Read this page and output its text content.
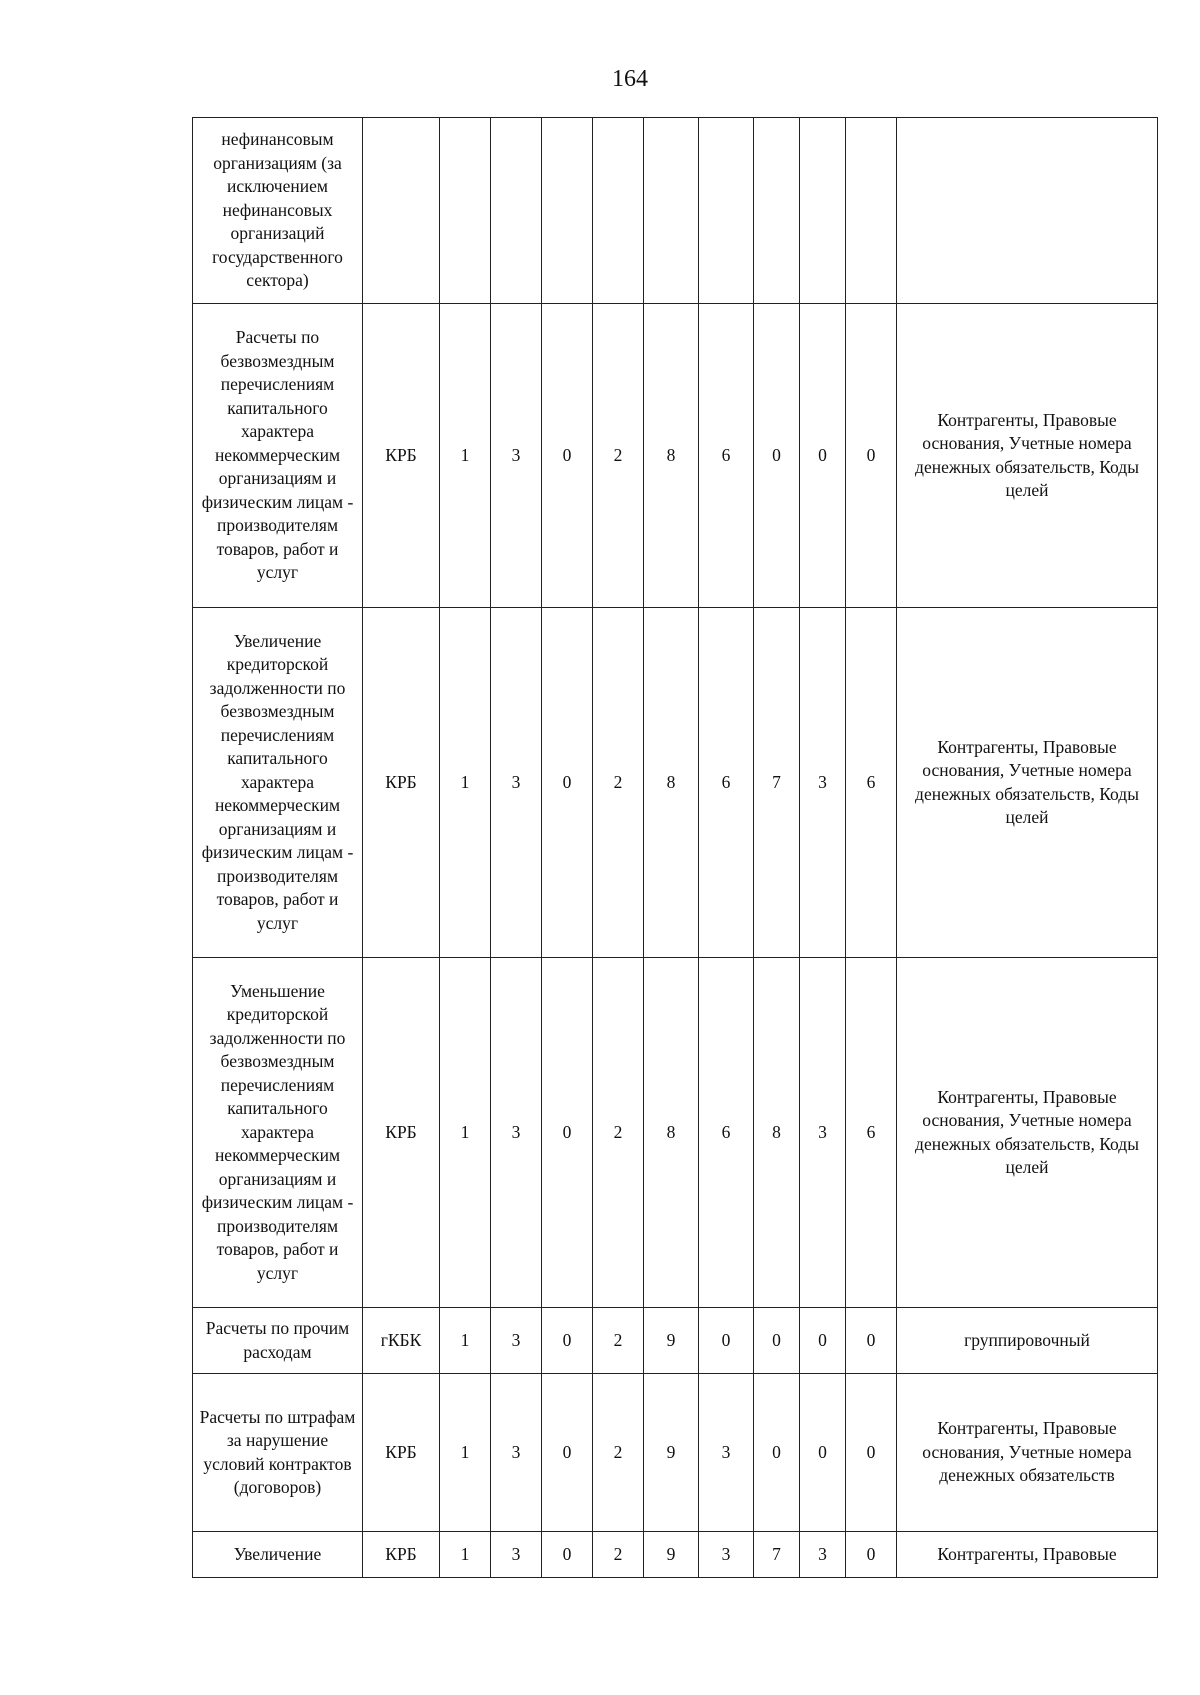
164
нефинансовым организациям (за исключением нефинансовых организаций государственного сектора)											
Расчеты по безвозмездным перечислениям капитального характера некоммерческим организациям и физическим лицам - производителям товаров, работ и услуг	КРБ	1	3	0	2	8	6	0	0	0	Контрагенты, Правовые основания, Учетные номера денежных обязательств, Коды целей
Увеличение кредиторской задолженности по безвозмездным перечислениям капитального характера некоммерческим организациям и физическим лицам - производителям товаров, работ и услуг	КРБ	1	3	0	2	8	6	7	3	6	Контрагенты, Правовые основания, Учетные номера денежных обязательств, Коды целей
Уменьшение кредиторской задолженности по безвозмездным перечислениям капитального характера некоммерческим организациям и физическим лицам - производителям товаров, работ и услуг	КРБ	1	3	0	2	8	6	8	3	6	Контрагенты, Правовые основания, Учетные номера денежных обязательств, Коды целей
Расчеты по прочим расходам	гКБК	1	3	0	2	9	0	0	0	0	группировочный
Расчеты по штрафам за нарушение условий контрактов (договоров)	КРБ	1	3	0	2	9	3	0	0	0	Контрагенты, Правовые основания, Учетные номера денежных обязательств
Увеличение	КРБ	1	3	0	2	9	3	7	3	0	Контрагенты, Правовые
